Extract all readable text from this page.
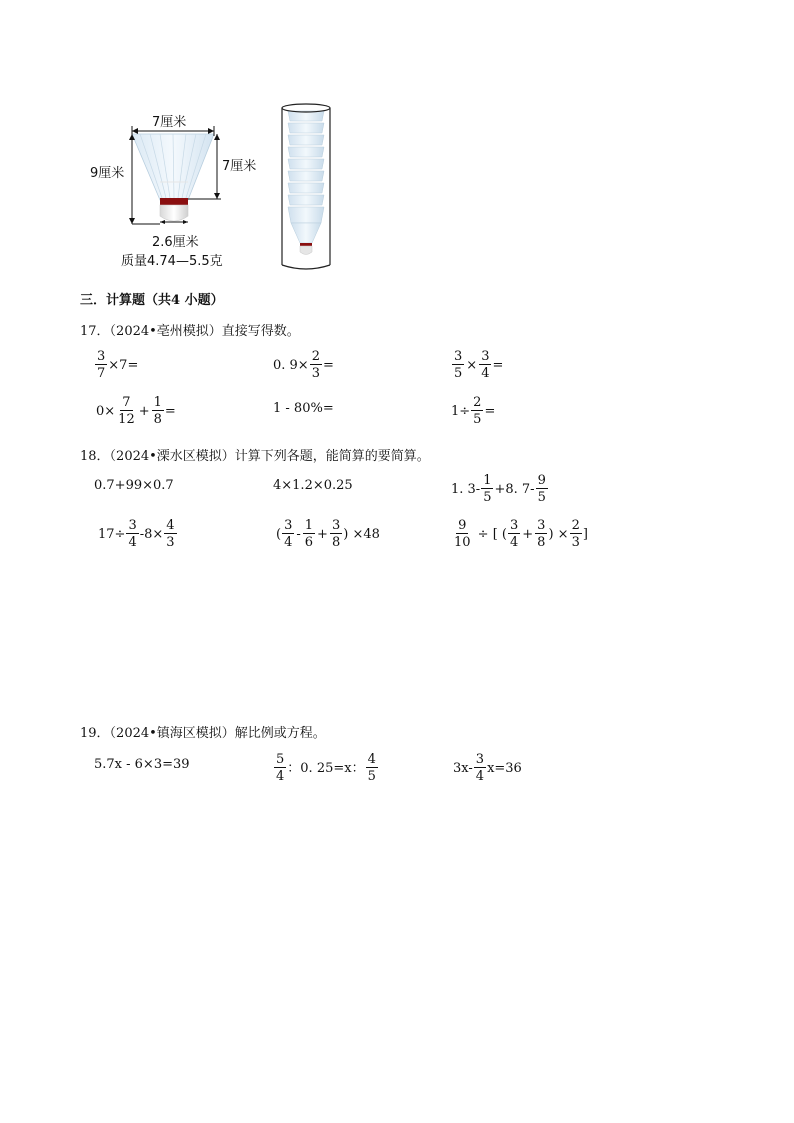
7厘米
9厘米	7厘米
2.6厘米
质量4.74—5.5克
三．计算题（共4 小题）
17．（2024•亳州模拟）直接写得数。
$\frac{3}{7} \times 7=$	0. $9\times \frac{2}{3}$ =	$\frac{3}{5} \times \frac{3}{4}$ =
$0\times \frac{7}{12} + \frac{1}{8}$ =	1 - 80%=	$1\div \frac{2}{5}$ =
18．（2024•溧水区模拟）计算下列各题，能简算的要简算。
0.7+99×0.7	4×1.2×0.25	1. $3- \frac{1}{5} +8$. $7- \frac{9}{5}$
$17\div \frac{3}{4} -8\times \frac{4}{3}$	( $\frac{3}{4} - \frac{1}{6} + \frac{3}{8}$ ) ×48	$\frac{9}{10}$ ÷ [ ( $\frac{3}{4} + \frac{3}{8}$ ) × $\frac{2}{3}$ ]
19．（2024•镇海区模拟）解比例或方程。
5.7x - 6×3=39	$\frac{5}{4}$ ：0. 25=x： $\frac{4}{5}$	$3x- \frac{3}{4} x=36$
